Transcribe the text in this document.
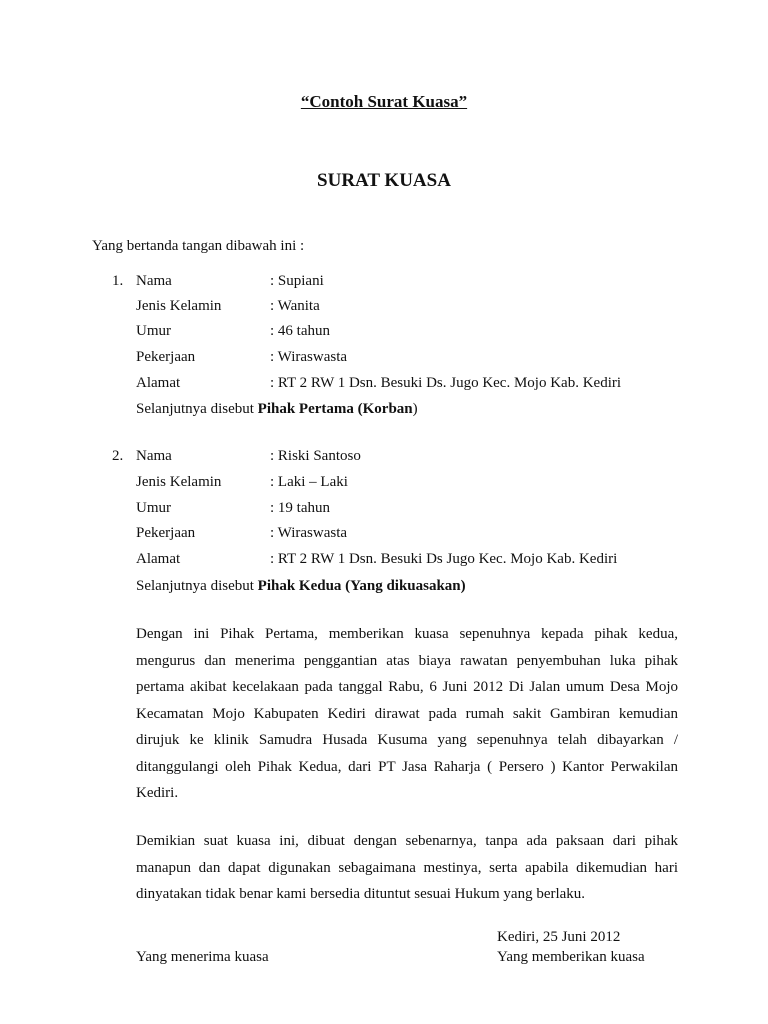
“Contoh Surat Kuasa”
SURAT KUASA
Yang bertanda tangan dibawah ini :
1. Nama	: Supiani
Jenis Kelamin	: Wanita
Umur	: 46 tahun
Pekerjaan	: Wiraswasta
Alamat	: RT 2 RW 1 Dsn. Besuki Ds. Jugo Kec. Mojo Kab. Kediri
Selanjutnya disebut Pihak Pertama (Korban)
2. Nama	: Riski Santoso
Jenis Kelamin	: Laki – Laki
Umur	: 19 tahun
Pekerjaan	: Wiraswasta
Alamat	: RT 2 RW 1 Dsn. Besuki Ds Jugo Kec. Mojo Kab. Kediri
Selanjutnya disebut Pihak Kedua (Yang dikuasakan)
Dengan ini Pihak Pertama, memberikan kuasa sepenuhnya kepada pihak kedua,
mengurus dan menerima penggantian atas biaya rawatan penyembuhan luka pihak
pertama akibat kecelakaan pada tanggal Rabu, 6 Juni 2012 Di Jalan umum Desa Mojo
Kecamatan Mojo Kabupaten Kediri dirawat pada rumah sakit Gambiran kemudian
dirujuk ke klinik Samudra Husada Kusuma yang sepenuhnya telah dibayarkan /
ditanggulangi oleh Pihak Kedua, dari PT Jasa Raharja ( Persero ) Kantor Perwakilan
Kediri.
Demikian suat kuasa ini, dibuat dengan sebenarnya, tanpa ada paksaan dari pihak
manapun dan dapat digunakan sebagaimana mestinya, serta apabila dikemudian hari
dinyatakan tidak benar kami bersedia dituntut sesuai Hukum yang berlaku.
Kediri, 25 Juni 2012
Yang menerima kuasa	Yang memberikan kuasa
